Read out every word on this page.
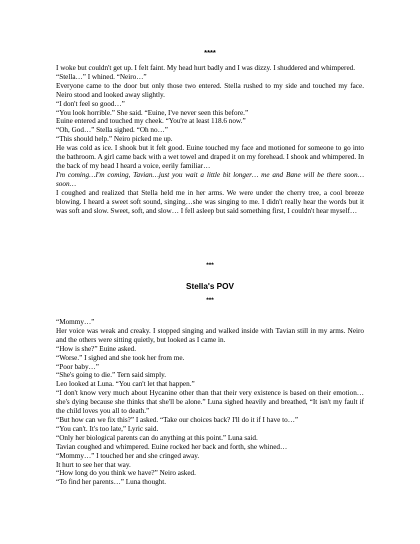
****

I woke but couldn't get up. I felt faint. My head hurt badly and I was dizzy. I shuddered and whimpered.

“Stella…” I whined. “Neiro…”

Everyone came to the door but only those two entered. Stella rushed to my side and touched my face. Neiro stood and looked away slightly.

“I don't feel so good…”

“You look horrible.” She said. “Euine, I've never seen this before.”

Euine entered and touched my cheek. “You're at least 118.6 now.”

“Oh, God…” Stella sighed. “Oh no…”

“This should help.” Neiro picked me up.

He was cold as ice. I shook but it felt good. Euine touched my face and motioned for someone to go into the bathroom. A girl came back with a wet towel and draped it on my forehead. I shook and whimpered. In the back of my head I heard a voice, eerily familiar…

I'm coming…I'm coming, Tavian…just you wait a little bit longer… me and Bane will be there soon…soon…

I coughed and realized that Stella held me in her arms. We were under the cherry tree, a cool breeze blowing. I heard a sweet soft sound, singing…she was singing to me. I didn't really hear the words but it was soft and slow. Sweet, soft, and slow… I fell asleep but said something first, I couldn't hear myself…

***
Stella's POV
***

“Mommy…”

Her voice was weak and creaky. I stopped singing and walked inside with Tavian still in my arms. Neiro and the others were sitting quietly, but looked as I came in.

“How is she?” Euine asked.

“Worse.” I sighed and she took her from me.

“Poor baby…”

“She's going to die.” Tern said simply.

Leo looked at Luna. “You can't let that happen.”

“I don't know very much about Hycanine other than that their very existence is based on their emotion…she's dying because she thinks that she'll be alone.” Luna sighed heavily and breathed, “It isn't my fault if the child loves you all to death.”

“But how can we fix this?” I asked. “Take our choices back? I'll do it if I have to…”

“You can't. It's too late,” Lyric said.

“Only her biological parents can do anything at this point.” Luna said.

Tavian coughed and whimpered. Euine rocked her back and forth, she whined…

“Mommy…” I touched her and she cringed away.

It hurt to see her that way.

“How long do you think we have?” Neiro asked.

“To find her parents…” Luna thought.
